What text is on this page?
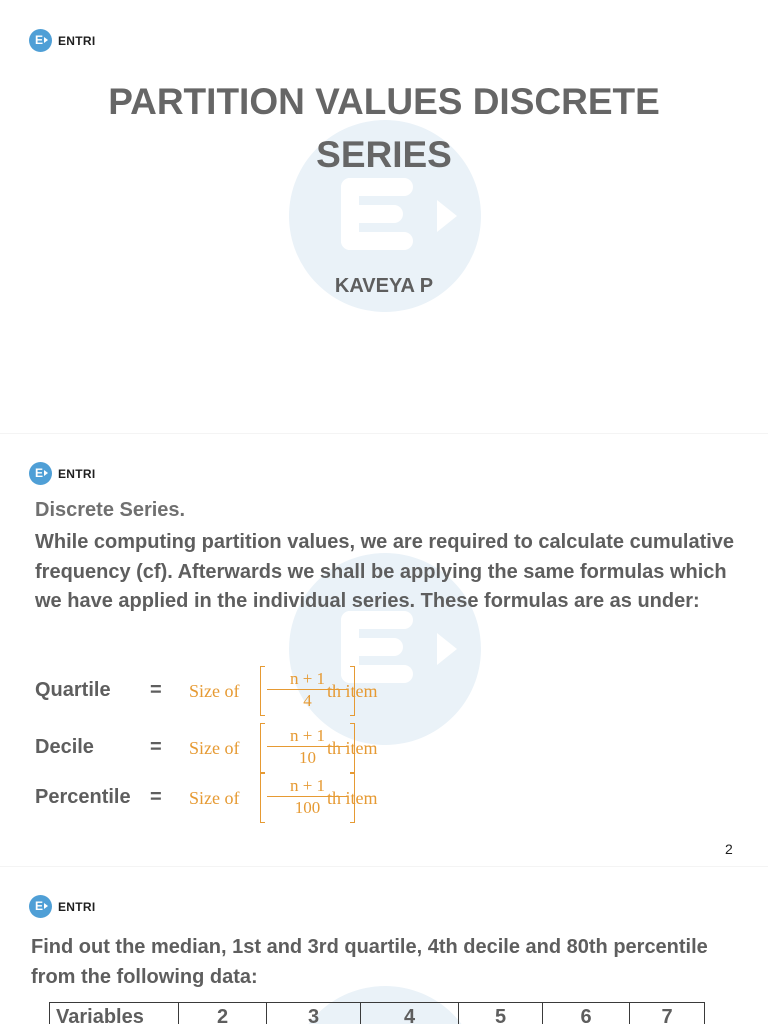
E ENTRI
PARTITION VALUES DISCRETE SERIES
KAVEYA P
E ENTRI
Discrete Series.

While computing partition values, we are required to calculate cumulative frequency (cf). Afterwards we shall be applying the same formulas which we have applied in the individual series. These formulas are as under:

Quartile = Size of $\frac{n + 1}{4}$
th item
Decile	= Size of $\frac{n + 1}{10}$
th item
Percentile = Size of $\frac{n + 1}{100}$
th item
2
E ENTRI

Find out the median, 1st and 3rd quartile, 4th decile and 80th percentile from the following data:

Variables	2	3	4	5	6	7
